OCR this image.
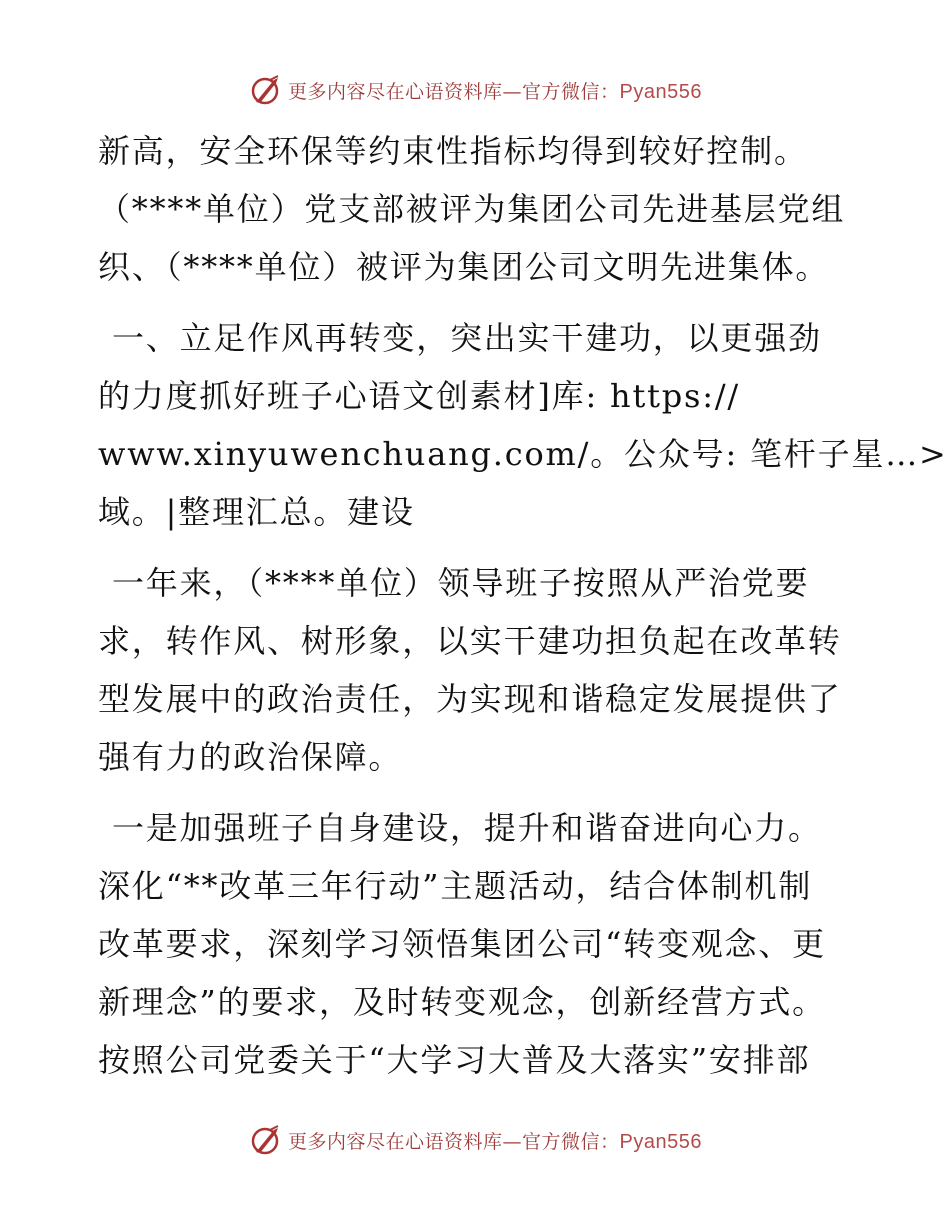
更多内容尽在心语资料库—官方微信：Pyan556
新高，安全环保等约束性指标均得到较好控制。
（****单位）党支部被评为集团公司先进基层党组
织、（****单位）被评为集团公司文明先进集体。
一、立足作风再转变，突出实干建功，以更强劲
的力度抓好班子心语文创素材]库: https://
www.xinyuwenchuang.com/。公众号: 笔杆子星…>
域。|整理汇总。建设
一年来，（****单位）领导班子按照从严治党要
求，转作风、树形象，以实干建功担负起在改革转
型发展中的政治责任，为实现和谐稳定发展提供了
强有力的政治保障。
一是加强班子自身建设，提升和谐奋进向心力。
深化“**改革三年行动”主题活动，结合体制机制
改革要求，深刻学习领悟集团公司“转变观念、更
新理念”的要求，及时转变观念，创新经营方式。
按照公司党委关于“大学习大普及大落实”安排部
更多内容尽在心语资料库—官方微信：Pyan556
